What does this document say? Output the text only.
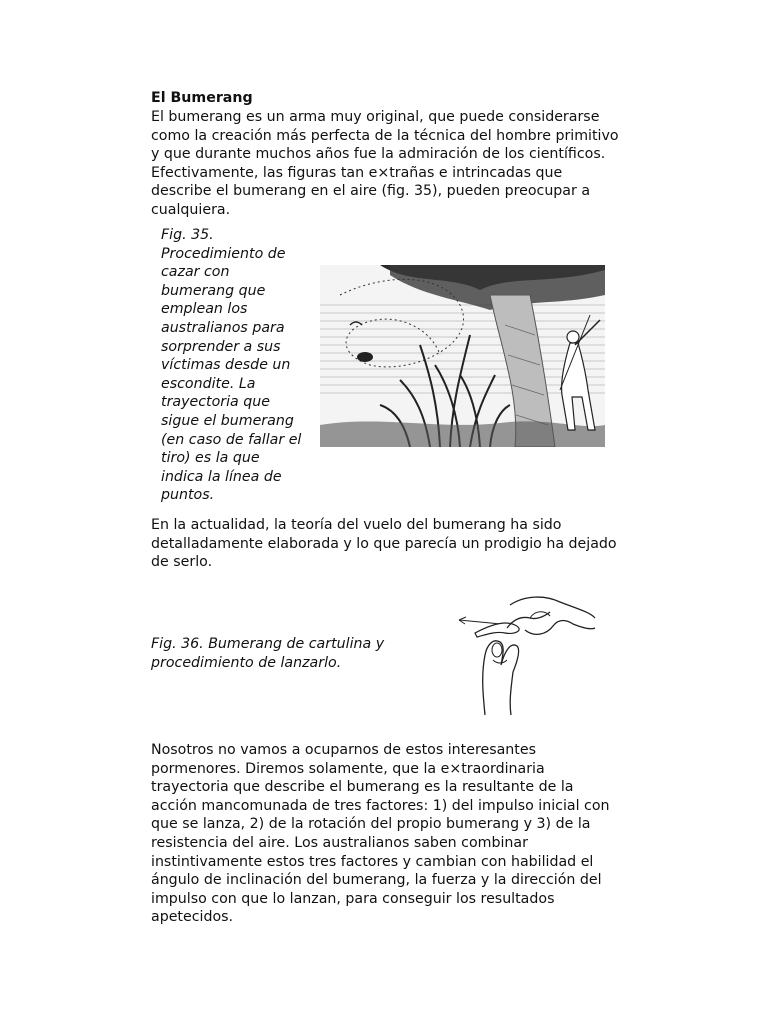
El Bumerang

El bumerang es un arma muy original, que puede considerarse como la creación más perfecta de la técnica del hombre primitivo y que durante muchos años fue la admiración de los científicos. Efectivamente, las figuras tan e×trañas e intrincadas que describe el bumerang en el aire (fig. 35), pueden preocupar a cualquiera.

Fig. 35.
Procedimiento de
cazar con
bumerang que
emplean los
australianos para
sorprender a sus
víctimas desde un
escondite. La
trayectoria que
sigue el bumerang
(en caso de fallar el
tiro) es la que
indica la línea de
puntos.

En la actualidad, la teoría del vuelo del bumerang ha sido detalladamente elaborada y lo que parecía un prodigio ha dejado de serlo.

Fig. 36. Bumerang de cartulina y procedimiento de lanzarlo.

Nosotros no vamos a ocuparnos de estos interesantes pormenores. Diremos solamente, que la e×traordinaria trayectoria que describe el bumerang es la resultante de la acción mancomunada de tres factores: 1) del impulso inicial con que se lanza, 2) de la rotación del propio bumerang y 3) de la resistencia del aire. Los australianos saben combinar instintivamente estos tres factores y cambian con habilidad el ángulo de inclinación del bumerang, la fuerza y la dirección del impulso con que lo lanzan, para conseguir los resultados apetecidos.
